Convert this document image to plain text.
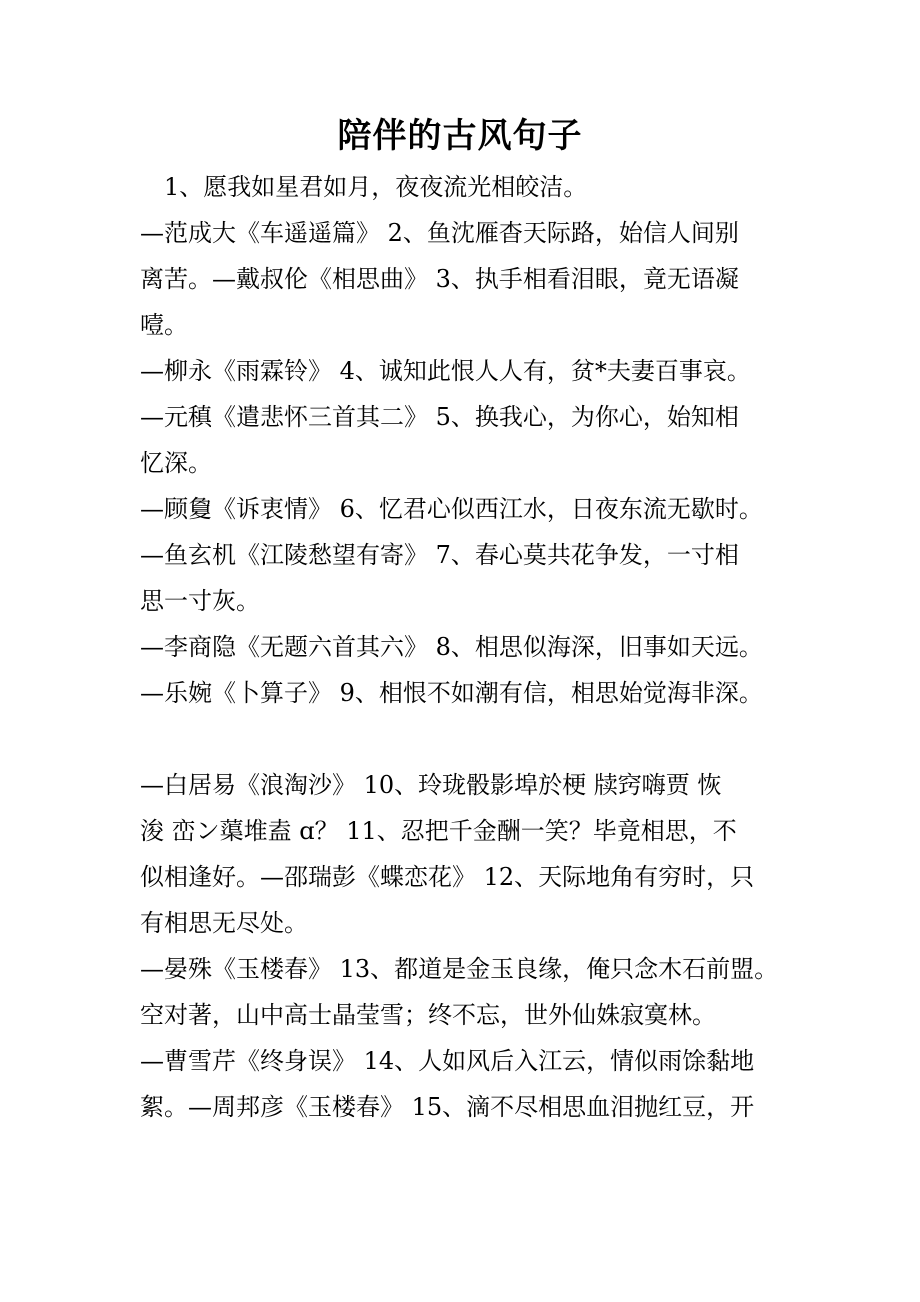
陪伴的古风句子
1、愿我如星君如月，夜夜流光相皎洁。
—范成大《车遥遥篇》 2、鱼沈雁杳天际路，始信人间别
离苦。—戴叔伦《相思曲》 3、执手相看泪眼，竟无语凝
噎。
—柳永《雨霖铃》 4、诚知此恨人人有，贫*夫妻百事哀。
—元稹《遣悲怀三首其二》 5、换我心，为你心，始知相
忆深。
—顾敻《诉衷情》 6、忆君心似西江水，日夜东流无歇时。
—鱼玄机《江陵愁望有寄》 7、春心莫共花争发，一寸相
思一寸灰。
—李商隐《无题六首其六》 8、相思似海深，旧事如天远。
—乐婉《卜算子》 9、相恨不如潮有信，相思始觉海非深。
—白居易《浪淘沙》 10、玲珑骰影埠於梗 牍窍嗨贾 恢
浚 峦ン蕖堆盍 ɑ？ 11、忍把千金酬一笑？毕竟相思，不
似相逢好。—邵瑞彭《蝶恋花》 12、天际地角有穷时，只
有相思无尽处。
—晏殊《玉楼春》 13、都道是金玉良缘，俺只念木石前盟。
空对著，山中高士晶莹雪；终不忘，世外仙姝寂寞林。
—曹雪芹《终身误》 14、人如风后入江云，情似雨馀黏地
絮。—周邦彦《玉楼春》 15、滴不尽相思血泪抛红豆，开
